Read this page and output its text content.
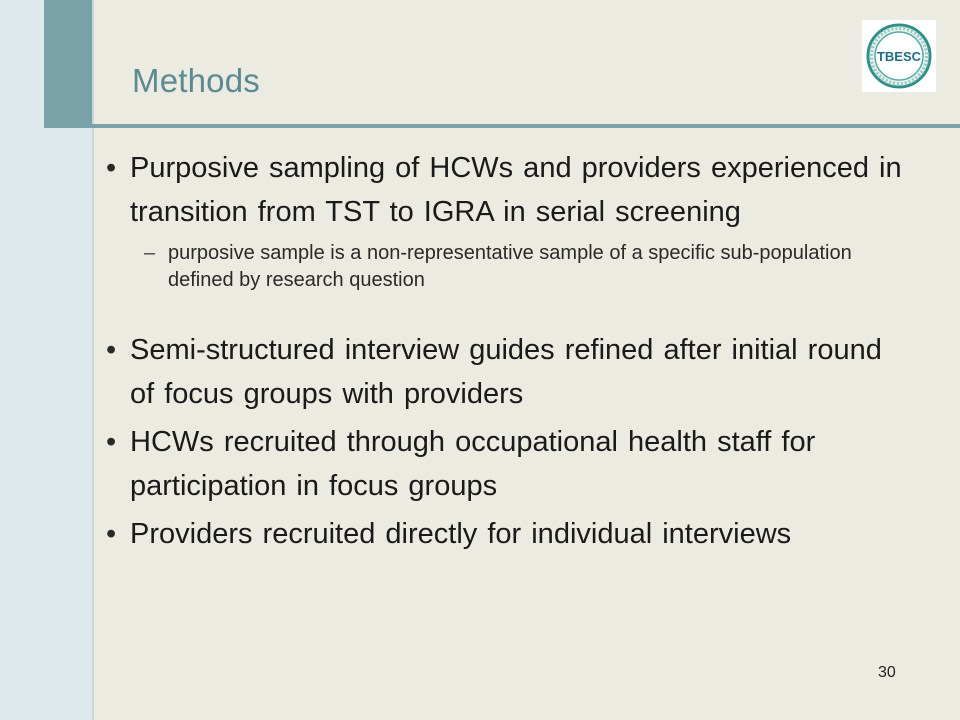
Methods
TBESC
• Purposive sampling of HCWs and providers experienced in transition from TST to IGRA in serial screening
– purposive sample is a non-representative sample of a specific sub-population defined by research question
• Semi-structured interview guides refined after initial round of focus groups with providers
• HCWs recruited through occupational health staff for participation in focus groups
• Providers recruited directly for individual interviews
30
